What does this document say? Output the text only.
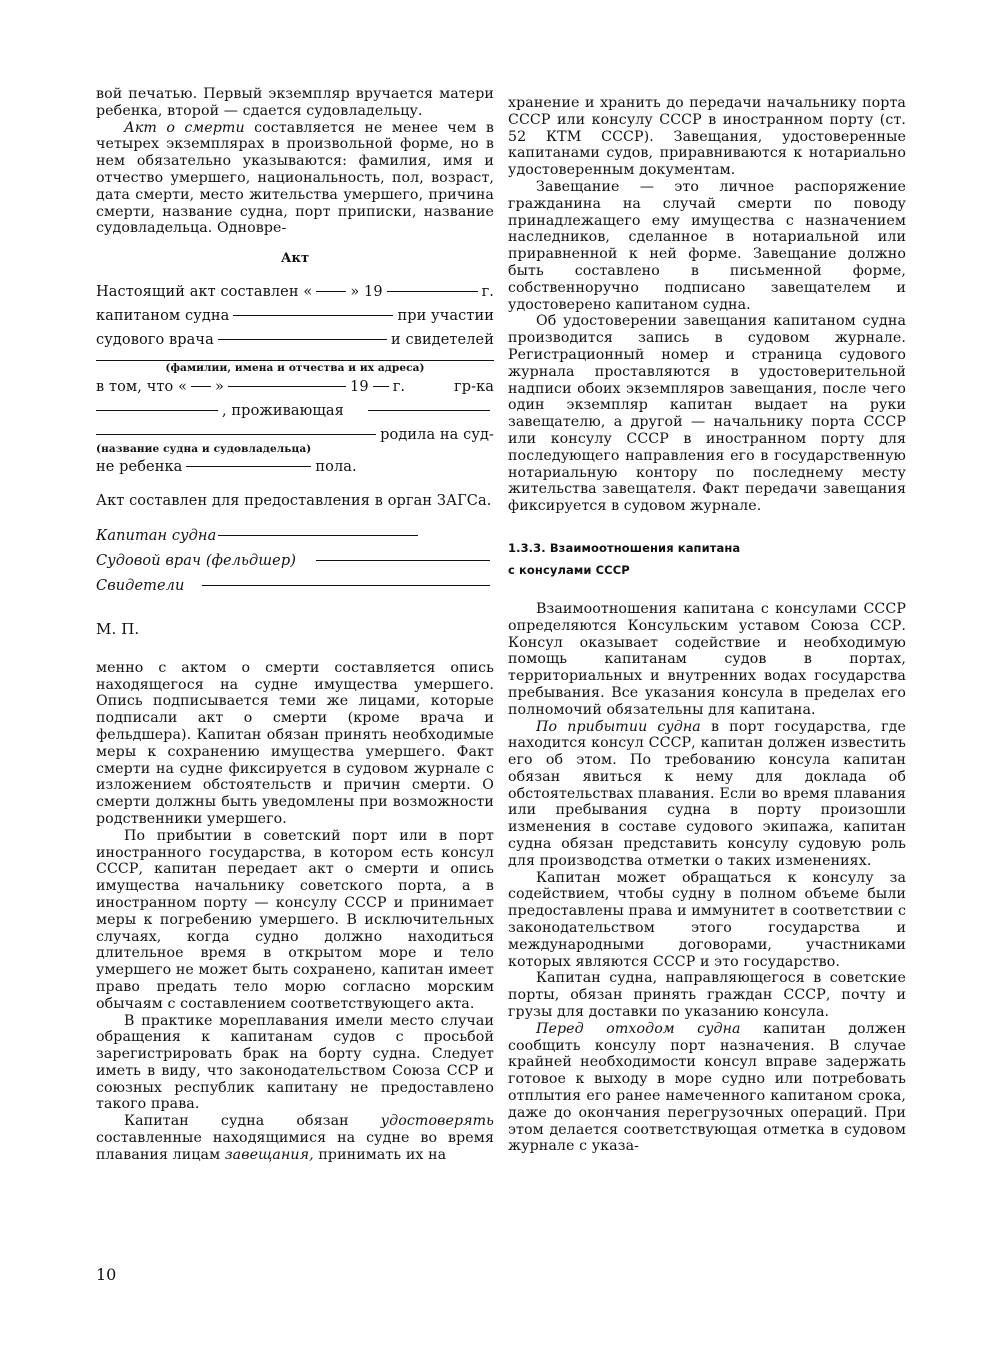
вой печатью. Первый экземпляр вручается матери ребенка, второй — сдается судовладельцу.

Акт о смерти составляется не менее чем в четырех экземплярах в произвольной форме, но в нем обязательно указываются: фамилия, имя и отчество умершего, национальность, пол, возраст, дата смерти, место жительства умершего, причина смерти, название судна, порт приписки, название судовладельца. Одновре-

Акт
Настоящий акт составлен «	» 19	г.
капитаном судна	при участии
судового врача	и свидетелей
(фамилии, имена и отчества и их адреса)
в том, что « »	19 г.	гр-ка
, проживающая
родила на суд-
(название судна и судовладельца)
не ребенка	пола.

Акт составлен для предоставления в орган ЗАГСа.

Капитан судна
Судовой врач (фельдшер)
Свидетели
М. П.

менно с актом о смерти составляется опись находящегося на судне имущества умершего. Опись подписывается теми же лицами, которые подписали акт о смерти (кроме врача и фельдшера). Капитан обязан принять необходимые меры к сохранению имущества умершего. Факт смерти на судне фиксируется в судовом журнале с изложением обстоятельств и причин смерти. О смерти должны быть уведомлены при возможности родственники умершего.

По прибытии в советский порт или в порт иностранного государства, в котором есть консул СССР, капитан передает акт о смерти и опись имущества начальнику советского порта, а в иностранном порту — консулу СССР и принимает меры к погребению умершего. В исключительных случаях, когда судно должно находиться длительное время в открытом море и тело умершего не может быть сохранено, капитан имеет право предать тело морю согласно морским обычаям с составлением соответствующего акта.

В практике мореплавания имели место случаи обращения к капитанам судов с просьбой зарегистрировать брак на борту судна. Следует иметь в виду, что законодательством Союза ССР и союзных республик капитану не предоставлено такого права.

Капитан судна обязан удостоверять составленные находящимися на судне во время плавания лицам завещания, принимать их на

хранение и хранить до передачи начальнику порта СССР или консулу СССР в иностранном порту (ст. 52 КТМ СССР). Завещания, удостоверенные капитанами судов, приравниваются к нотариально удостоверенным документам.

Завещание — это личное распоряжение гражданина на случай смерти по поводу принадлежащего ему имущества с назначением наследников, сделанное в нотариальной или приравненной к ней форме. Завещание должно быть составлено в письменной форме, собственноручно подписано завещателем и удостоверено капитаном судна.

Об удостоверении завещания капитаном судна производится запись в судовом журнале. Регистрационный номер и страница судового журнала проставляются в удостоверительной надписи обоих экземпляров завещания, после чего один экземпляр капитан выдает на руки завещателю, а другой — начальнику порта СССР или консулу СССР в иностранном порту для последующего направления его в государственную нотариальную контору по последнему месту жительства завещателя. Факт передачи завещания фиксируется в судовом журнале.

1.3.3. Взаимоотношения капитана
с консулами СССР

Взаимоотношения капитана с консулами СССР определяются Консульским уставом Союза ССР. Консул оказывает содействие и необходимую помощь капитанам судов в портах, территориальных и внутренних водах государства пребывания. Все указания консула в пределах его полномочий обязательны для капитана.

По прибытии судна в порт государства, где находится консул СССР, капитан должен известить его об этом. По требованию консула капитан обязан явиться к нему для доклада об обстоятельствах плавания. Если во время плавания или пребывания судна в порту произошли изменения в составе судового экипажа, капитан судна обязан представить консулу судовую роль для производства отметки о таких изменениях.

Капитан может обращаться к консулу за содействием, чтобы судну в полном объеме были предоставлены права и иммунитет в соответствии с законодательством этого государства и международными договорами, участниками которых являются СССР и это государство.

Капитан судна, направляющегося в советские порты, обязан принять граждан СССР, почту и грузы для доставки по указанию консула.

Перед отходом судна капитан должен сообщить консулу порт назначения. В случае крайней необходимости консул вправе задержать готовое к выходу в море судно или потребовать отплытия его ранее намеченного капитаном срока, даже до окончания перегрузочных операций. При этом делается соответствующая отметка в судовом журнале с указа-

10
